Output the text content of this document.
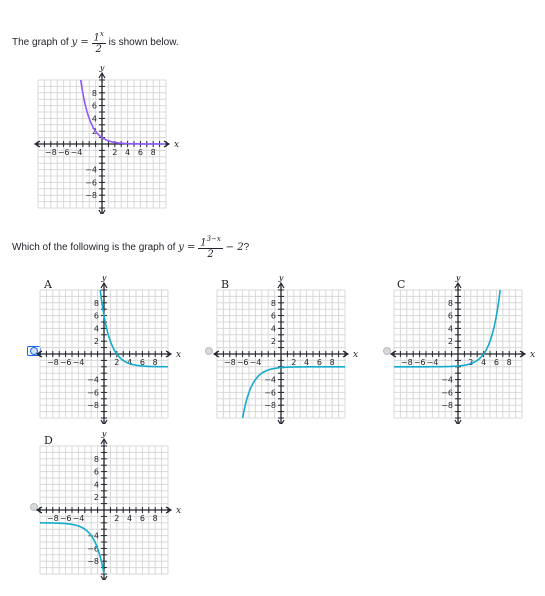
The graph of $y = \frac{1^x}{2}$ is shown below.
−8 −6 −4	2 4 6 8
8
6
4
2
−4
−6
−8
x
y
Which of the following is the graph of $y = \frac{1^{3-x}}{2} - 2$?
A
−8 −6 −4	2 4 6 8
8
6
4
2
−4
−6
−8
x
y	B
−8 −6 −4	2 4 6 8
8
6
4
2
−4
−6
−8
x
y	C
−8 −6 −4	2 4 6 8
8
6
4
2
−4
−6
−8
x
y
D
−8 −6 −4	2 4 6 8
8
6
4
2
−4
−6
−8
x
y
